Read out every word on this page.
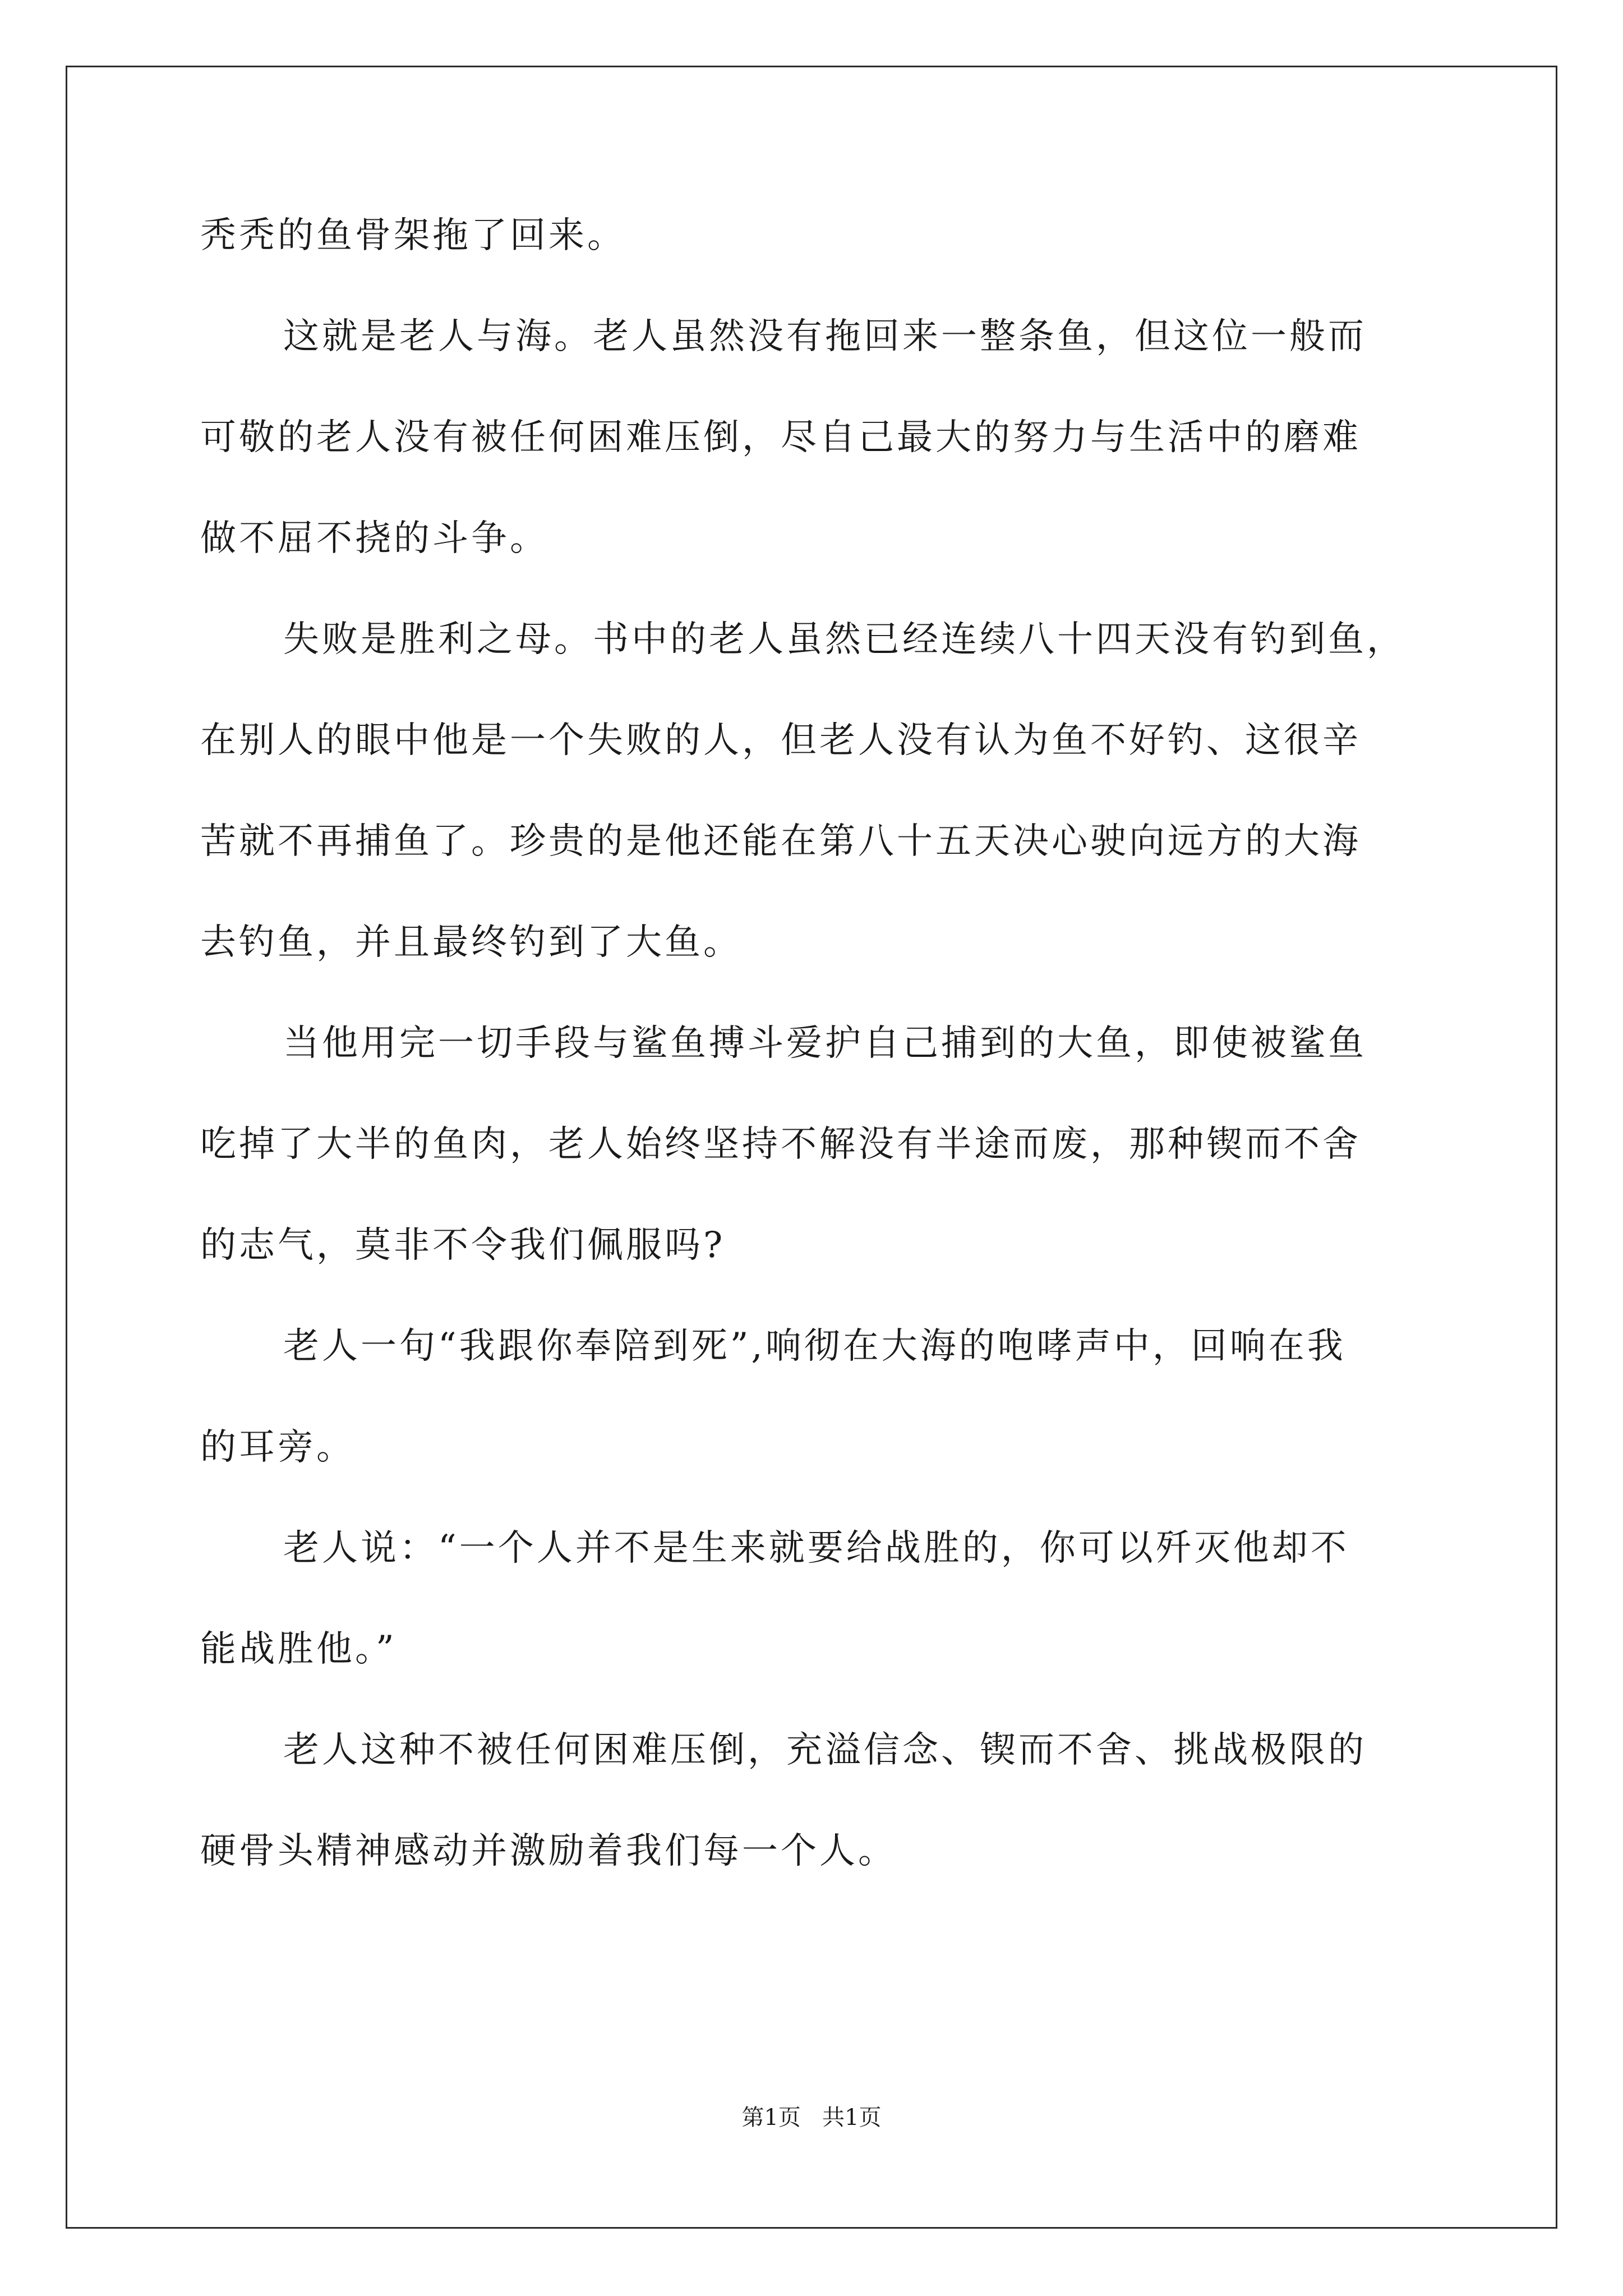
秃秃的鱼骨架拖了回来。
这就是老人与海。老人虽然没有拖回来一整条鱼，但这位一般而
可敬的老人没有被任何困难压倒，尽自己最大的努力与生活中的磨难
做不屈不挠的斗争。
失败是胜利之母。书中的老人虽然已经连续八十四天没有钓到鱼，
在别人的眼中他是一个失败的人，但老人没有认为鱼不好钓、这很辛
苦就不再捕鱼了。珍贵的是他还能在第八十五天决心驶向远方的大海
去钓鱼，并且最终钓到了大鱼。
当他用完一切手段与鲨鱼搏斗爱护自己捕到的大鱼，即使被鲨鱼
吃掉了大半的鱼肉，老人始终坚持不解没有半途而废，那种锲而不舍
的志气，莫非不令我们佩服吗?
老人一句“我跟你奉陪到死”,响彻在大海的咆哮声中，回响在我
的耳旁。
老人说：“一个人并不是生来就要给战胜的，你可以歼灭他却不
能战胜他。”
老人这种不被任何困难压倒，充溢信念、锲而不舍、挑战极限的
硬骨头精神感动并激励着我们每一个人。
第1页   共1页
